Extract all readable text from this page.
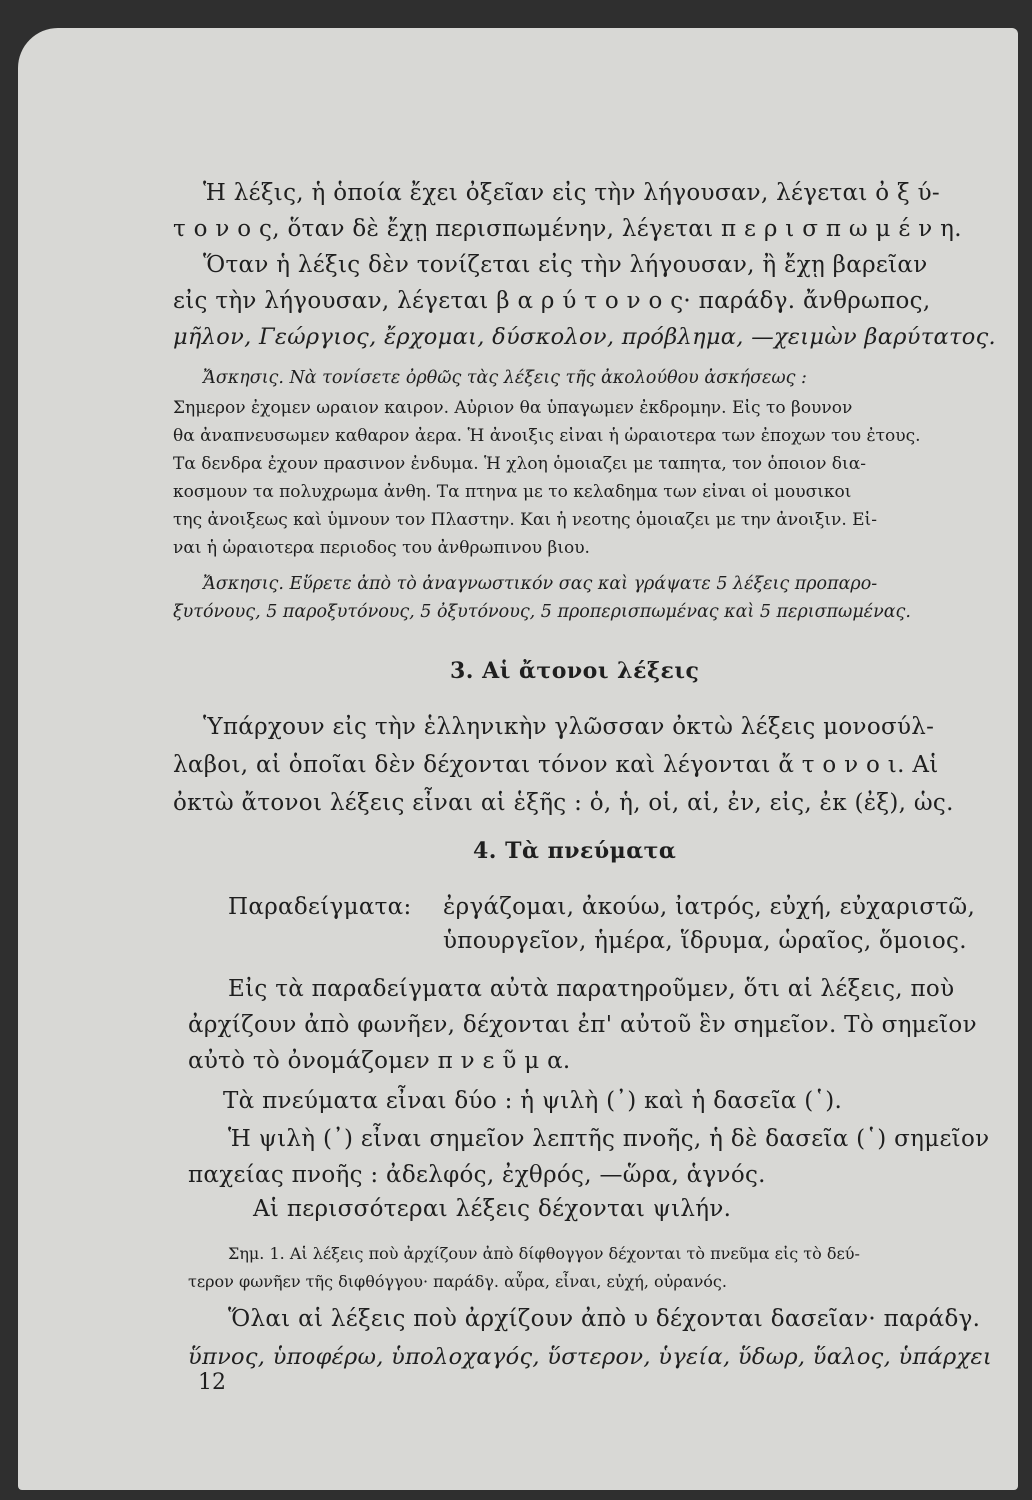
Ἡ λέξις, ἡ ὁποία ἔχει ὀξεῖαν εἰς τὴν λήγουσαν, λέγεται ὀ ξ ύ-
τ ο ν ο ς, ὅταν δὲ ἔχῃ περισπωμένην, λέγεται π ε ρ ι σ π ω μ έ ν η.
Ὅταν ἡ λέξις δὲν τονίζεται εἰς τὴν λήγουσαν, ἢ ἔχῃ βαρεῖαν
εἰς τὴν λήγουσαν, λέγεται β α ρ ύ τ ο ν ο ς· παράδγ. ἄνθρωπος,
μῆλον, Γεώργιος, ἔρχομαι, δύσκολον, πρόβλημα, —χειμὼν βαρύτατος.
Ἄσκησις. Νὰ τονίσετε ὀρθῶς τὰς λέξεις τῆς ἀκολούθου ἀσκήσεως :
Σημερον ἐχομεν ωραιον καιρον. Αὐριον θα ὑπαγωμεν ἐκδρομην. Εἰς το βουνον
θα ἀναπνευσωμεν καθαρον ἀερα. Ἡ ἀνοιξις εἰναι ἡ ὡραιοτερα των ἐποχων του ἐτους.
Τα δενδρα ἐχουν πρασινον ἐνδυμα. Ἡ χλοη ὁμοιαζει με ταπητα, τον ὁποιον δια-
κοσμουν τα πολυχρωμα ἀνθη. Τα πτηνα με το κελαδημα των εἰναι οἱ μουσικοι
της ἀνοιξεως καὶ ὑμνουν τον Πλαστην. Και ἡ νεοτης ὁμοιαζει με την ἀνοιξιν. Εἰ-
ναι ἡ ὡραιοτερα περιοδος του ἀνθρωπινου βιου.
Ἄσκησις. Εὕρετε ἀπὸ τὸ ἀναγνωστικόν σας καὶ γράψατε 5 λέξεις προπαρο-
ξυτόνους, 5 παροξυτόνους, 5 ὀξυτόνους, 5 προπερισπωμένας καὶ 5 περισπωμένας.
3. Αἱ ἄτονοι λέξεις
Ὑπάρχουν εἰς τὴν ἑλληνικὴν γλῶσσαν ὀκτὼ λέξεις μονοσύλ-
λαβοι, αἱ ὁποῖαι δὲν δέχονται τόνον καὶ λέγονται ἄ τ ο ν ο ι. Αἱ
ὀκτὼ ἄτονοι λέξεις εἶναι αἱ ἑξῆς : ὁ, ἡ, οἱ, αἱ, ἐν, εἰς, ἐκ (ἐξ), ὡς.
4. Τὰ πνεύματα
Παραδείγματα: ἐργάζομαι, ἀκούω, ἰατρός, εὐχή, εὐχαριστῶ,
ὑπουργεῖον, ἡμέρα, ἵδρυμα, ὡραῖος, ὅμοιος.
Εἰς τὰ παραδείγματα αὐτὰ παρατηροῦμεν, ὅτι αἱ λέξεις, ποὺ
ἀρχίζουν ἀπὸ φωνῆεν, δέχονται ἐπ' αὐτοῦ ἓν σημεῖον. Τὸ σημεῖον
αὐτὸ τὸ ὀνομάζομεν π ν ε ῦ μ α.
Τὰ πνεύματα εἶναι δύο : ἡ ψιλὴ (᾿) καὶ ἡ δασεῖα (῾).
Ἡ ψιλὴ (᾿) εἶναι σημεῖον λεπτῆς πνοῆς, ἡ δὲ δασεῖα (῾) σημεῖον
παχείας πνοῆς : ἀδελφός, ἐχθρός, —ὥρα, ἁγνός.
Αἱ περισσότεραι λέξεις δέχονται ψιλήν.
Σημ. 1. Αἱ λέξεις ποὺ ἀρχίζουν ἀπὸ δίφθογγον δέχονται τὸ πνεῦμα εἰς τὸ δεύ-
τερον φωνῆεν τῆς διφθόγγου· παράδγ. αὖρα, εἶναι, εὐχή, οὐρανός.
Ὅλαι αἱ λέξεις ποὺ ἀρχίζουν ἀπὸ υ δέχονται δασεῖαν· παράδγ.
ὕπνος, ὑποφέρω, ὑπολοχαγός, ὕστερον, ὑγεία, ὕδωρ, ὕαλος, ὑπάρχει
12
